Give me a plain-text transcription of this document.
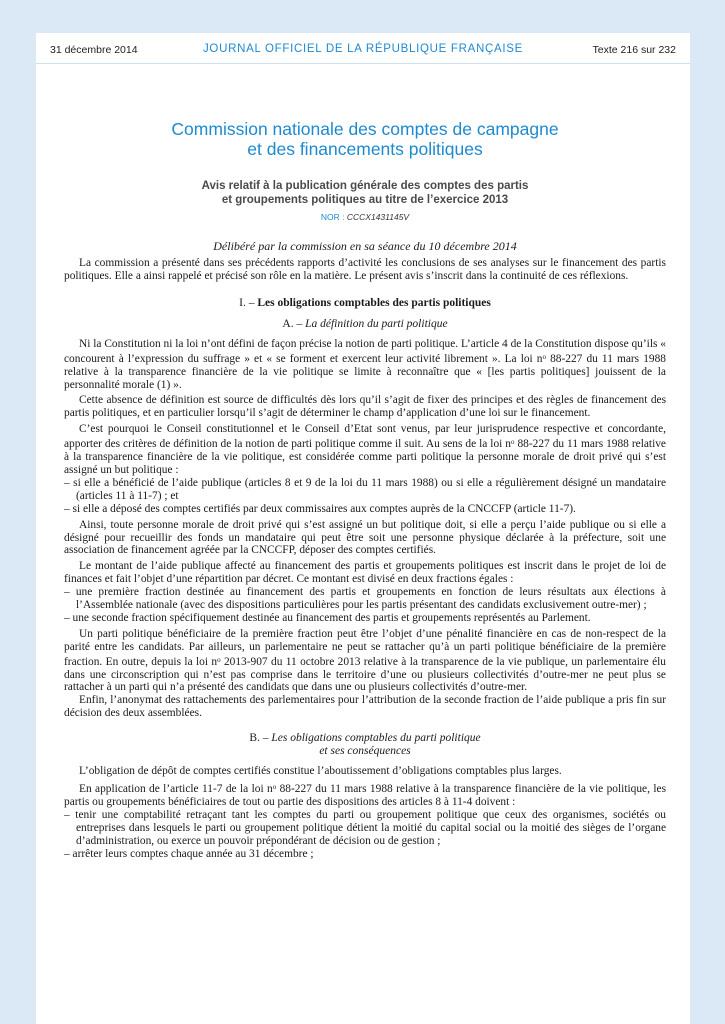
31 décembre 2014	JOURNAL OFFICIEL DE LA RÉPUBLIQUE FRANÇAISE	Texte 216 sur 232
Commission nationale des comptes de campagne
et des financements politiques
Avis relatif à la publication générale des comptes des partis
et groupements politiques au titre de l’exercice 2013
NOR : CCCX1431145V
Délibéré par la commission en sa séance du 10 décembre 2014

La commission a présenté dans ses précédents rapports d’activité les conclusions de ses analyses sur le financement des partis politiques. Elle a ainsi rappelé et précisé son rôle en la matière. Le présent avis s’inscrit dans la continuité de ces réflexions.

I. – Les obligations comptables des partis politiques
A. – La définition du parti politique

Ni la Constitution ni la loi n’ont défini de façon précise la notion de parti politique. L’article 4 de la Constitution dispose qu’ils « concourent à l’expression du suffrage » et « se forment et exercent leur activité librement ». La loi $n^o$ 88-227 du 11 mars 1988 relative à la transparence financière de la vie politique se limite à reconnaître que « [les partis politiques] jouissent de la personnalité morale (1) ».

Cette absence de définition est source de difficultés dès lors qu’il s’agit de fixer des principes et des règles de financement des partis politiques, et en particulier lorsqu’il s’agit de déterminer le champ d’application d’une loi sur le financement.

C’est pourquoi le Conseil constitutionnel et le Conseil d’Etat sont venus, par leur jurisprudence respective et concordante, apporter des critères de définition de la notion de parti politique comme il suit. Au sens de la loi $n^o$ 88-227 du 11 mars 1988 relative à la transparence financière de la vie politique, est considérée comme parti politique la personne morale de droit privé qui s’est assigné un but politique :

– si elle a bénéficié de l’aide publique (articles 8 et 9 de la loi du 11 mars 1988) ou si elle a régulièrement désigné un mandataire (articles 11 à 11-7) ; et
– si elle a déposé des comptes certifiés par deux commissaires aux comptes auprès de la CNCCFP (article 11-7).

Ainsi, toute personne morale de droit privé qui s’est assigné un but politique doit, si elle a perçu l’aide publique ou si elle a désigné pour recueillir des fonds un mandataire qui peut être soit une personne physique déclarée à la préfecture, soit une association de financement agréée par la CNCCFP, déposer des comptes certifiés.

Le montant de l’aide publique affecté au financement des partis et groupements politiques est inscrit dans le projet de loi de finances et fait l’objet d’une répartition par décret. Ce montant est divisé en deux fractions égales :

– une première fraction destinée au financement des partis et groupements en fonction de leurs résultats aux élections à l’Assemblée nationale (avec des dispositions particulières pour les partis présentant des candidats exclusivement outre-mer) ;
– une seconde fraction spécifiquement destinée au financement des partis et groupements représentés au Parlement.

Un parti politique bénéficiaire de la première fraction peut être l’objet d’une pénalité financière en cas de non-respect de la parité entre les candidats. Par ailleurs, un parlementaire ne peut se rattacher qu’à un parti politique bénéficiaire de la première fraction. En outre, depuis la loi $n^o$ 2013-907 du 11 octobre 2013 relative à la transparence de la vie publique, un parlementaire élu dans une circonscription qui n’est pas comprise dans le territoire d’une ou plusieurs collectivités d’outre-mer ne peut plus se rattacher à un parti qui n’a présenté des candidats que dans une ou plusieurs collectivités d’outre-mer.

Enfin, l’anonymat des rattachements des parlementaires pour l’attribution de la seconde fraction de l’aide publique a pris fin sur décision des deux assemblées.

B. – Les obligations comptables du parti politique
et ses conséquences

L’obligation de dépôt de comptes certifiés constitue l’aboutissement d’obligations comptables plus larges.

En application de l’article 11-7 de la loi $n^o$ 88-227 du 11 mars 1988 relative à la transparence financière de la vie politique, les partis ou groupements bénéficiaires de tout ou partie des dispositions des articles 8 à 11-4 doivent :

– tenir une comptabilité retraçant tant les comptes du parti ou groupement politique que ceux des organismes, sociétés ou entreprises dans lesquels le parti ou groupement politique détient la moitié du capital social ou la moitié des sièges de l’organe d’administration, ou exerce un pouvoir prépondérant de décision ou de gestion ;
– arrêter leurs comptes chaque année au 31 décembre ;
